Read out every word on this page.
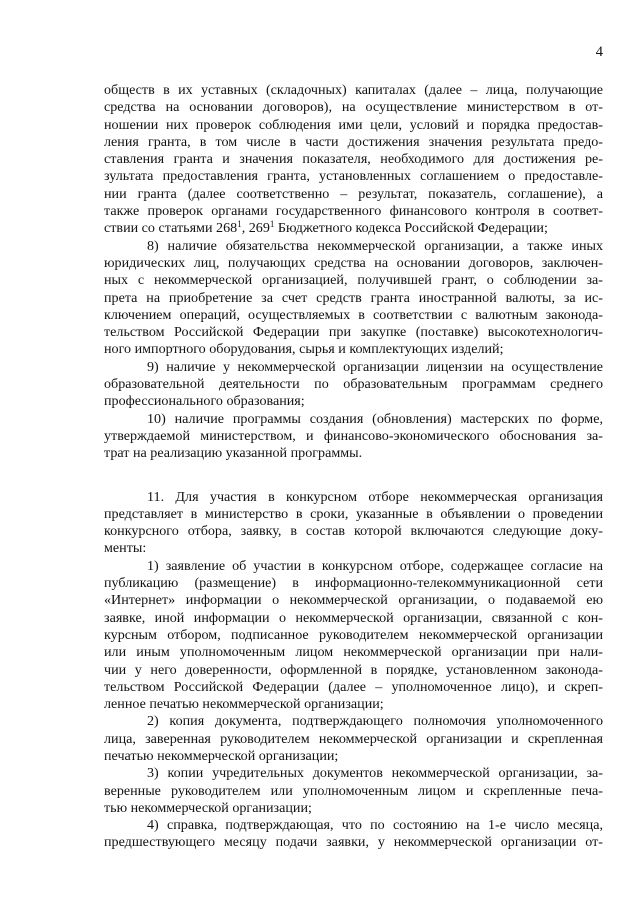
4
обществ в их уставных (складочных) капиталах (далее – лица, получающие
средства на основании договоров), на осуществление министерством в от-
ношении них проверок соблюдения ими цели, условий и порядка предостав-
ления гранта, в том числе в части достижения значения результата предо-
ставления гранта и значения показателя, необходимого для достижения ре-
зультата предоставления гранта, установленных соглашением о предоставле-
нии гранта (далее соответственно – результат, показатель, соглашение), а
также проверок органами государственного финансового контроля в соответ-
ствии со статьями $268^1$, $269^1$ Бюджетного кодекса Российской Федерации;
8) наличие обязательства некоммерческой организации, а также иных
юридических лиц, получающих средства на основании договоров, заключен-
ных с некоммерческой организацией, получившей грант, о соблюдении за-
прета на приобретение за счет средств гранта иностранной валюты, за ис-
ключением операций, осуществляемых в соответствии с валютным законода-
тельством Российской Федерации при закупке (поставке) высокотехнологич-
ного импортного оборудования, сырья и комплектующих изделий;
9) наличие у некоммерческой организации лицензии на осуществление
образовательной деятельности по образовательным программам среднего
профессионального образования;
10) наличие программы создания (обновления) мастерских по форме,
утверждаемой министерством, и финансово-экономического обоснования за-
трат на реализацию указанной программы.
11. Для участия в конкурсном отборе некоммерческая организация
представляет в министерство в сроки, указанные в объявлении о проведении
конкурсного отбора, заявку, в состав которой включаются следующие доку-
менты:
1) заявление об участии в конкурсном отборе, содержащее согласие на
публикацию (размещение) в информационно-телекоммуникационной сети
«Интернет» информации о некоммерческой организации, о подаваемой ею
заявке, иной информации о некоммерческой организации, связанной с кон-
курсным отбором, подписанное руководителем некоммерческой организации
или иным уполномоченным лицом некоммерческой организации при нали-
чии у него доверенности, оформленной в порядке, установленном законода-
тельством Российской Федерации (далее – уполномоченное лицо), и скреп-
ленное печатью некоммерческой организации;
2) копия документа, подтверждающего полномочия уполномоченного
лица, заверенная руководителем некоммерческой организации и скрепленная
печатью некоммерческой организации;
3) копии учредительных документов некоммерческой организации, за-
веренные руководителем или уполномоченным лицом и скрепленные печа-
тью некоммерческой организации;
4) справка, подтверждающая, что по состоянию на 1-е число месяца,
предшествующего месяцу подачи заявки, у некоммерческой организации от-
